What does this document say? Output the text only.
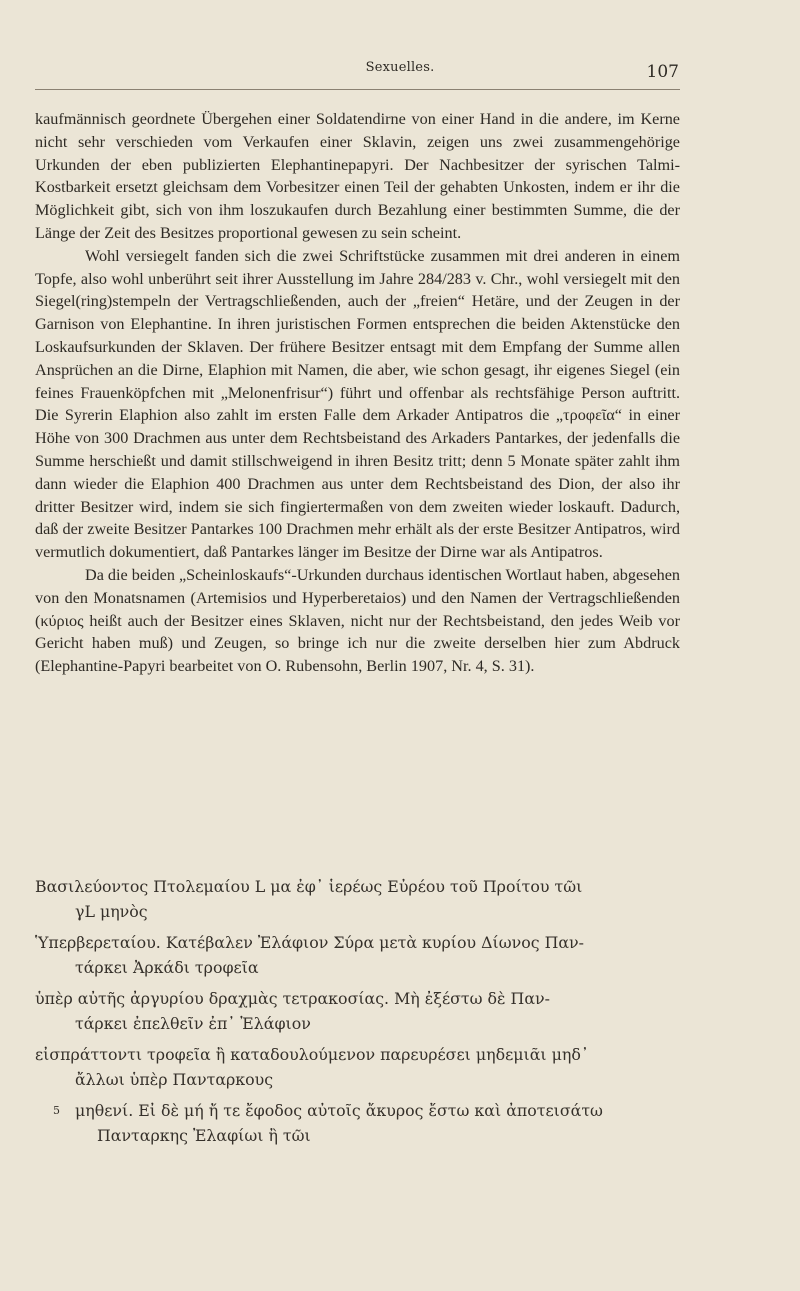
Sexuelles.	107

kaufmännisch geordnete Übergehen einer Soldatendirne von einer Hand in die andere, im Kerne nicht sehr verschieden vom Verkaufen einer Sklavin, zeigen uns zwei zusammengehörige Urkunden der eben publizierten Elephantinepapyri. Der Nachbesitzer der syrischen Talmi-Kostbarkeit ersetzt gleichsam dem Vorbesitzer einen Teil der gehabten Unkosten, indem er ihr die Möglichkeit gibt, sich von ihm loszukaufen durch Bezahlung einer bestimmten Summe, die der Länge der Zeit des Besitzes proportional gewesen zu sein scheint.

Wohl versiegelt fanden sich die zwei Schriftstücke zusammen mit drei anderen in einem Topfe, also wohl unberührt seit ihrer Ausstellung im Jahre 284/283 v. Chr., wohl versiegelt mit den Siegel(ring)stempeln der Vertragschließenden, auch der „freien“ Hetäre, und der Zeugen in der Garnison von Elephantine. In ihren juristischen Formen entsprechen die beiden Aktenstücke den Loskaufsurkunden der Sklaven. Der frühere Besitzer entsagt mit dem Empfang der Summe allen Ansprüchen an die Dirne, Elaphion mit Namen, die aber, wie schon gesagt, ihr eigenes Siegel (ein feines Frauenköpfchen mit „Melonenfrisur“) führt und offenbar als rechtsfähige Person auftritt. Die Syrerin Elaphion also zahlt im ersten Falle dem Arkader Antipatros die „τροφεῖα“ in einer Höhe von 300 Drachmen aus unter dem Rechtsbeistand des Arkaders Pantarkes, der jedenfalls die Summe herschießt und damit stillschweigend in ihren Besitz tritt; denn 5 Monate später zahlt ihm dann wieder die Elaphion 400 Drachmen aus unter dem Rechtsbeistand des Dion, der also ihr dritter Besitzer wird, indem sie sich fingiertermaßen von dem zweiten wieder loskauft. Dadurch, daß der zweite Besitzer Pantarkes 100 Drachmen mehr erhält als der erste Besitzer Antipatros, wird vermutlich dokumentiert, daß Pantarkes länger im Besitze der Dirne war als Antipatros.

Da die beiden „Scheinloskaufs“-Urkunden durchaus identischen Wortlaut haben, abgesehen von den Monatsnamen (Artemisios und Hyperberetaios) und den Namen der Vertragschließenden (κύριος heißt auch der Besitzer eines Sklaven, nicht nur der Rechtsbeistand, den jedes Weib vor Gericht haben muß) und Zeugen, so bringe ich nur die zweite derselben hier zum Abdruck (Elephantine-Papyri bearbeitet von O. Rubensohn, Berlin 1907, Nr. 4, S. 31).

Βασιλεύοντος Πτολεμαίου L μα ἐφ᾽ ἱερέως Εὐρέου τοῦ Προίτου τῶι
γL μηνὸς
Ὑπερβερεταίου. Κατέβαλεν Ἐλάφιον Σύρα μετὰ κυρίου Δίωνος Παν-
τάρκει Ἀρκάδι τροφεῖα
ὑπὲρ αὐτῆς ἀργυρίου δραχμὰς τετρακοσίας. Μὴ ἐξέστω δὲ Παν-
τάρκει ἐπελθεῖν ἐπ᾽ Ἐλάφιον
εἰσπράττοντι τροφεῖα ἢ καταδουλούμενον παρευρέσει μηδεμιᾶι μηδ᾽
ἄλλωι ὑπὲρ Πανταρκους
5 μηθενί. Εἰ δὲ μή ἤ τε ἔφοδος αὐτοῖς ἄκυρος ἔστω καὶ ἀποτεισάτω
Πανταρκης Ἐλαφίωι ἢ τῶι
